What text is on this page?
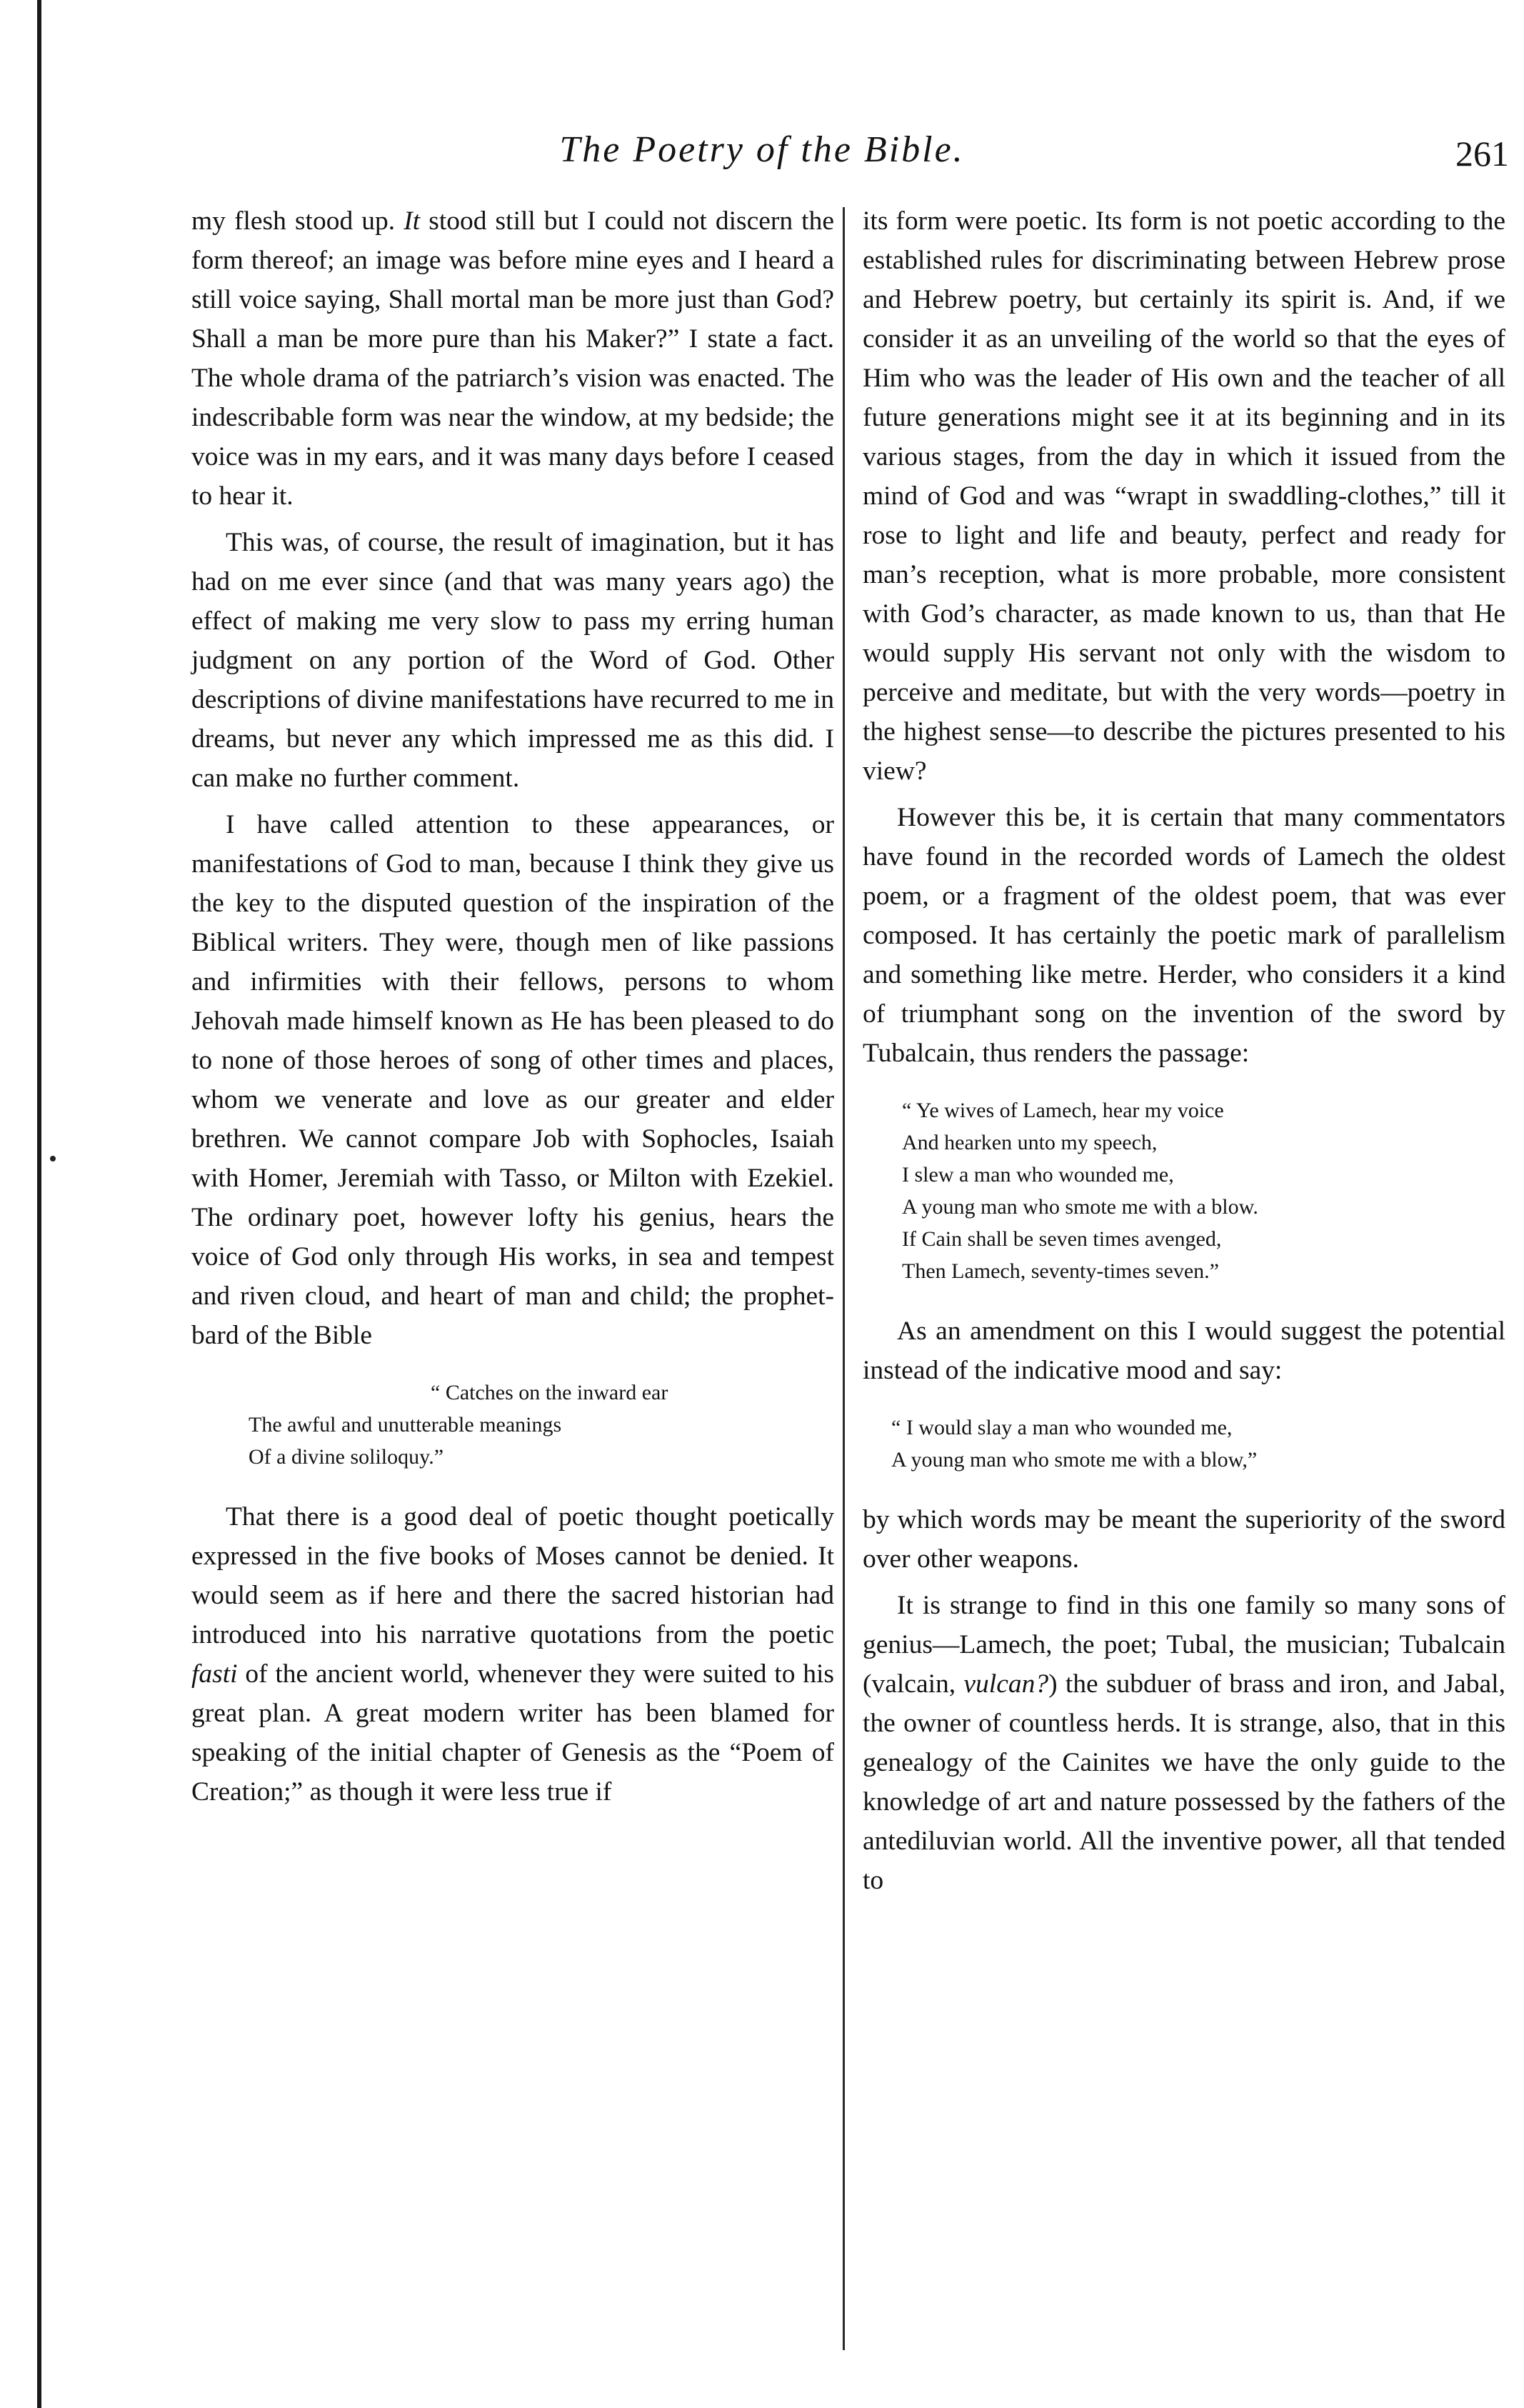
The Poetry of the Bible.	261

my flesh stood up. It stood still but I could not discern the form thereof; an image was before mine eyes and I heard a still voice saying, Shall mortal man be more just than God? Shall a man be more pure than his Maker?” I state a fact. The whole drama of the patriarch’s vision was enacted. The indescribable form was near the window, at my bedside; the voice was in my ears, and it was many days before I ceased to hear it.

This was, of course, the result of imagination, but it has had on me ever since (and that was many years ago) the effect of making me very slow to pass my erring human judgment on any portion of the Word of God. Other descriptions of divine manifestations have recurred to me in dreams, but never any which impressed me as this did. I can make no further comment.

I have called attention to these appearances, or manifestations of God to man, because I think they give us the key to the disputed question of the inspiration of the Biblical writers. They were, though men of like passions and infirmities with their fellows, persons to whom Jehovah made himself known as He has been pleased to do to none of those heroes of song of other times and places, whom we venerate and love as our greater and elder brethren. We cannot compare Job with Sophocles, Isaiah with Homer, Jeremiah with Tasso, or Milton with Ezekiel. The ordinary poet, however lofty his genius, hears the voice of God only through His works, in sea and tempest and riven cloud, and heart of man and child; the prophet-bard of the Bible

“ Catches on the inward ear
The awful and unutterable meanings
Of a divine soliloquy.”

That there is a good deal of poetic thought poetically expressed in the five books of Moses cannot be denied. It would seem as if here and there the sacred historian had introduced into his narrative quotations from the poetic fasti of the ancient world, whenever they were suited to his great plan. A great modern writer has been blamed for speaking of the initial chapter of Genesis as the “Poem of Creation;” as though it were less true if

its form were poetic. Its form is not poetic according to the established rules for discriminating between Hebrew prose and Hebrew poetry, but certainly its spirit is. And, if we consider it as an unveiling of the world so that the eyes of Him who was the leader of His own and the teacher of all future generations might see it at its beginning and in its various stages, from the day in which it issued from the mind of God and was “wrapt in swaddling-clothes,” till it rose to light and life and beauty, perfect and ready for man’s reception, what is more probable, more consistent with God’s character, as made known to us, than that He would supply His servant not only with the wisdom to perceive and meditate, but with the very words—poetry in the highest sense—to describe the pictures presented to his view?

However this be, it is certain that many commentators have found in the recorded words of Lamech the oldest poem, or a fragment of the oldest poem, that was ever composed. It has certainly the poetic mark of parallelism and something like metre. Herder, who considers it a kind of triumphant song on the invention of the sword by Tubalcain, thus renders the passage:

“ Ye wives of Lamech, hear my voice
And hearken unto my speech,
I slew a man who wounded me,
A young man who smote me with a blow.
If Cain shall be seven times avenged,
Then Lamech, seventy-times seven.”

As an amendment on this I would suggest the potential instead of the indicative mood and say:

“ I would slay a man who wounded me,
A young man who smote me with a blow,”

by which words may be meant the superiority of the sword over other weapons.

It is strange to find in this one family so many sons of genius—Lamech, the poet; Tubal, the musician; Tubalcain (valcain, vulcan?) the subduer of brass and iron, and Jabal, the owner of countless herds. It is strange, also, that in this genealogy of the Cainites we have the only guide to the knowledge of art and nature possessed by the fathers of the antediluvian world. All the inventive power, all that tended to
